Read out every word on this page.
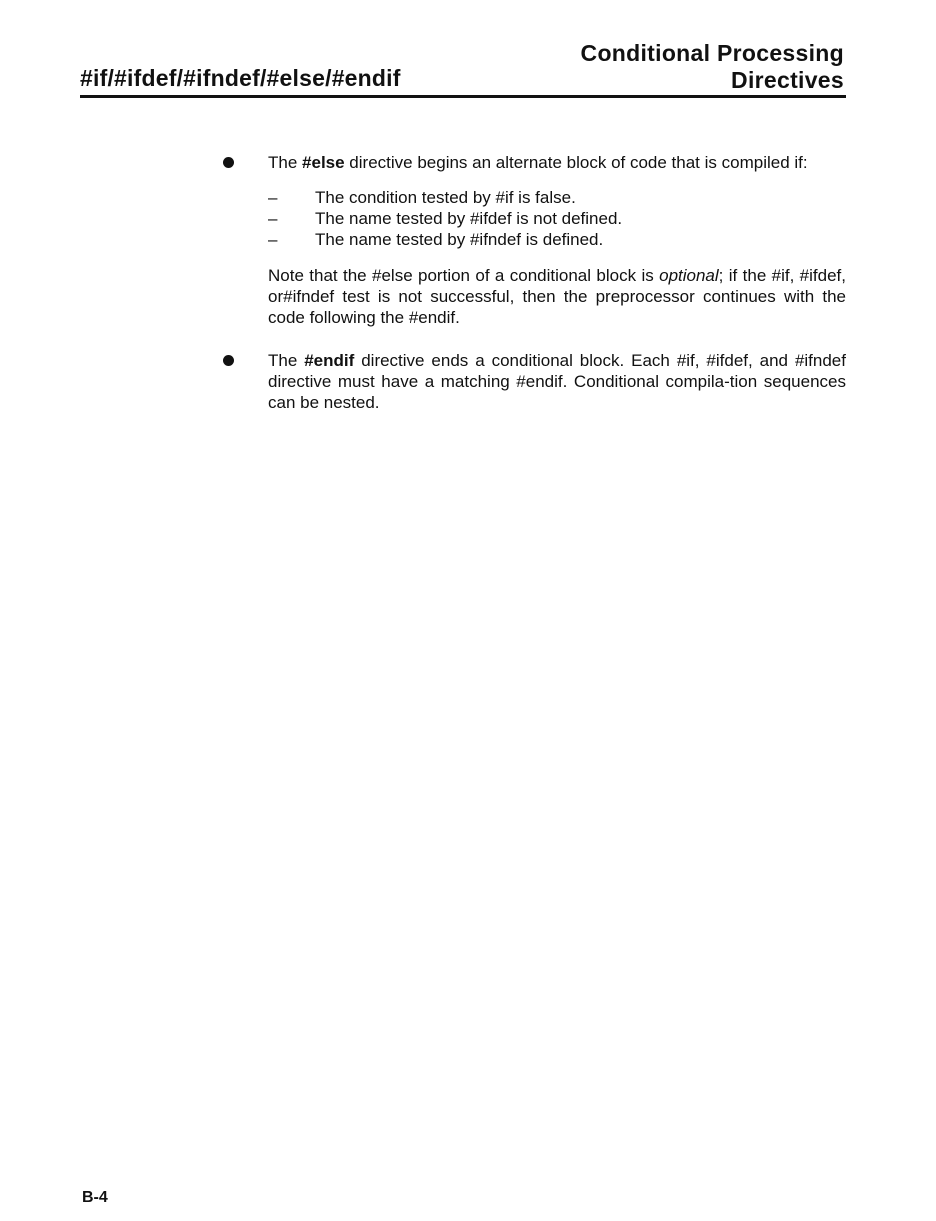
#if/#ifdef/#ifndef/#else/#endif
Conditional Processing
Directives

The #else directive begins an alternate block of code that is compiled if:

– The condition tested by #if is false.
– The name tested by #ifdef is not defined.
– The name tested by #ifndef is defined.

Note that the #else portion of a conditional block is optional; if the #if, #ifdef, or#ifndef test is not successful, then the preprocessor continues with the code following the #endif.

The #endif directive ends a conditional block. Each #if, #ifdef, and #ifndef directive must have a matching #endif. Conditional compila-tion sequences can be nested.

B-4
